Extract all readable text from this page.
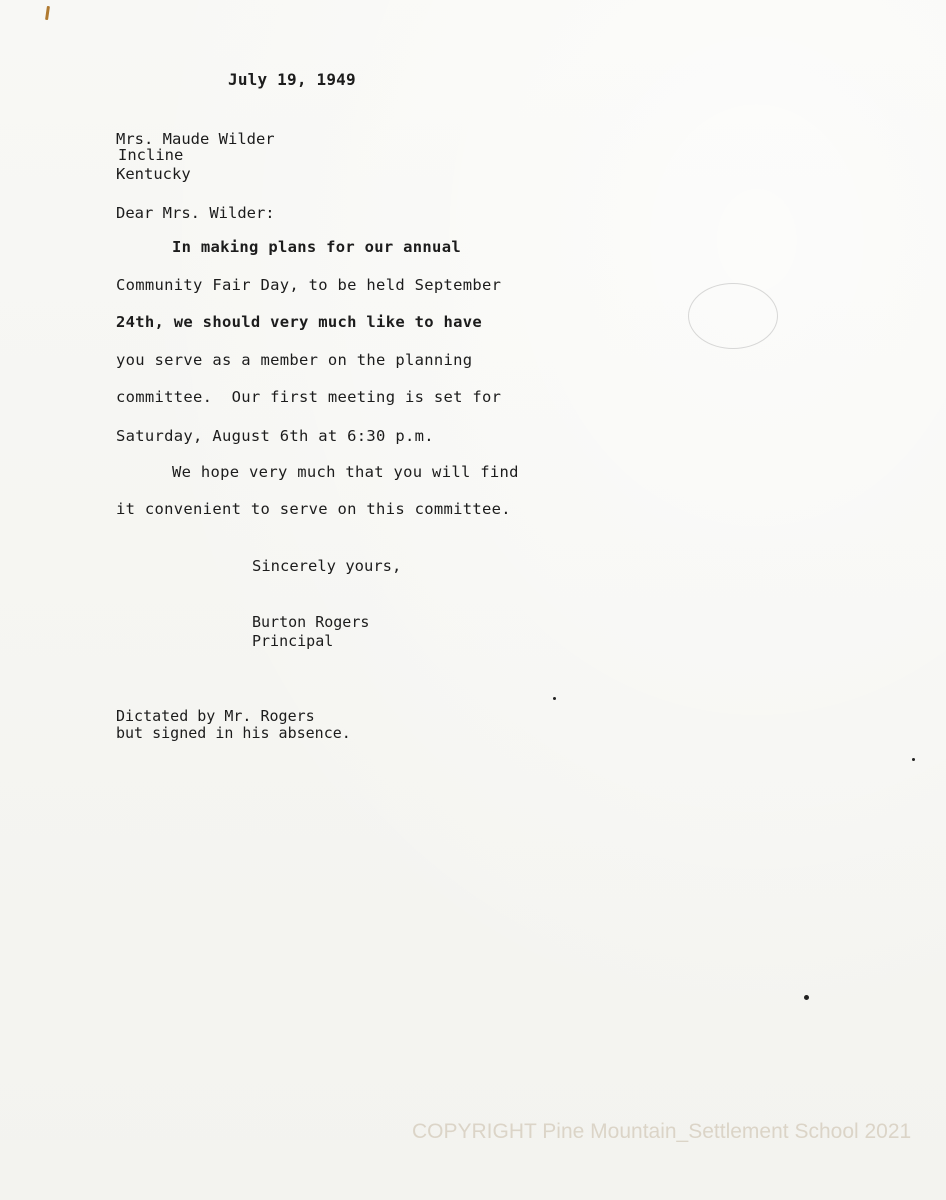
July 19, 1949

Mrs. Maude Wilder

Incline

Kentucky

Dear Mrs. Wilder:

In making plans for our annual

Community Fair Day, to be held September

24th, we should very much like to have

you serve as a member on the planning

committee.  Our first meeting is set for

Saturday, August 6th at 6:30 p.m.

We hope very much that you will find

it convenient to serve on this committee.

Sincerely yours,

Burton Rogers

Principal

Dictated by Mr. Rogers

but signed in his absence.

COPYRIGHT Pine Mountain_Settlement School 2021
